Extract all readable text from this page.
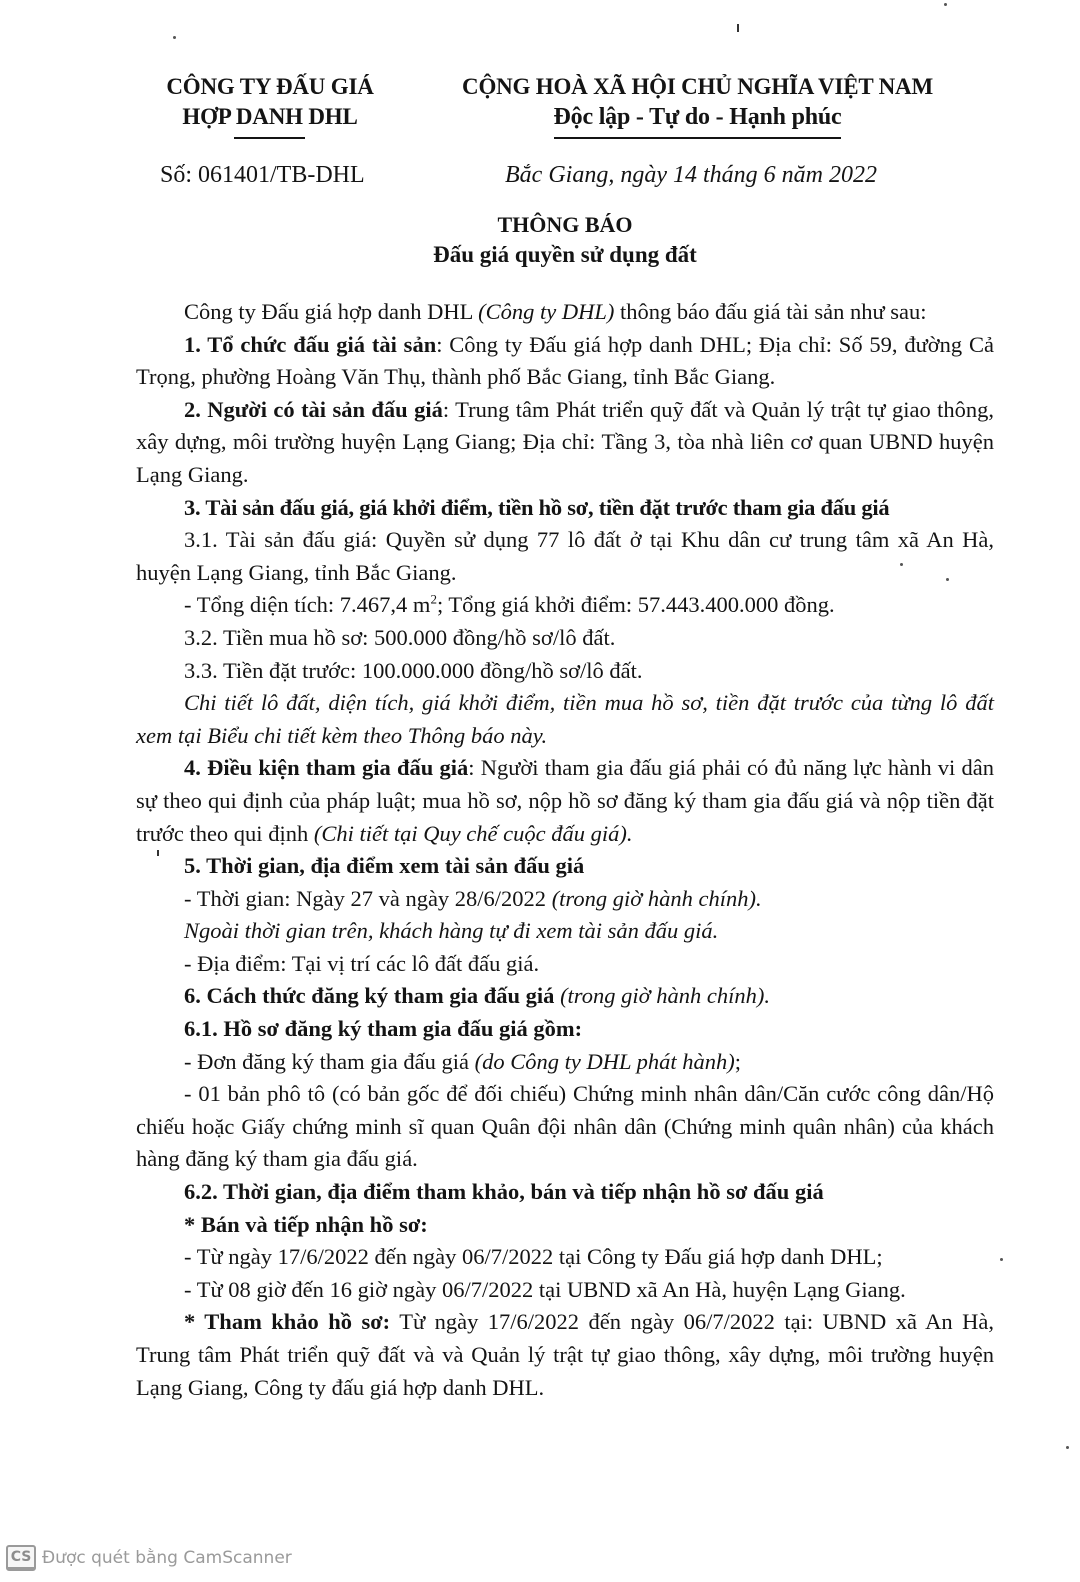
CÔNG TY ĐẤU GIÁ
HỢP DANH DHL
CỘNG HOÀ XÃ HỘI CHỦ NGHĨA VIỆT NAM
Độc lập - Tự do - Hạnh phúc
Số: 061401/TB-DHL	Bắc Giang, ngày 14 tháng 6 năm 2022
THÔNG BÁO
Đấu giá quyền sử dụng đất

Công ty Đấu giá hợp danh DHL (Công ty DHL) thông báo đấu giá tài sản như sau:

1. Tổ chức đấu giá tài sản: Công ty Đấu giá hợp danh DHL; Địa chỉ: Số 59, đường Cả Trọng, phường Hoàng Văn Thụ, thành phố Bắc Giang, tỉnh Bắc Giang.

2. Người có tài sản đấu giá: Trung tâm Phát triển quỹ đất và Quản lý trật tự giao thông, xây dựng, môi trường huyện Lạng Giang; Địa chỉ: Tầng 3, tòa nhà liên cơ quan UBND huyện Lạng Giang.

3. Tài sản đấu giá, giá khởi điểm, tiền hồ sơ, tiền đặt trước tham gia đấu giá

3.1. Tài sản đấu giá: Quyền sử dụng 77 lô đất ở tại Khu dân cư trung tâm xã An Hà, huyện Lạng Giang, tỉnh Bắc Giang.

- Tổng diện tích: 7.467,4 $m^2$; Tổng giá khởi điểm: 57.443.400.000 đồng.

3.2. Tiền mua hồ sơ: 500.000 đồng/hồ sơ/lô đất.

3.3. Tiền đặt trước: 100.000.000 đồng/hồ sơ/lô đất.

Chi tiết lô đất, diện tích, giá khởi điểm, tiền mua hồ sơ, tiền đặt trước của từng lô đất xem tại Biểu chi tiết kèm theo Thông báo này.

4. Điều kiện tham gia đấu giá: Người tham gia đấu giá phải có đủ năng lực hành vi dân sự theo qui định của pháp luật; mua hồ sơ, nộp hồ sơ đăng ký tham gia đấu giá và nộp tiền đặt trước theo qui định (Chi tiết tại Quy chế cuộc đấu giá).

5. Thời gian, địa điểm xem tài sản đấu giá

- Thời gian: Ngày 27 và ngày 28/6/2022 (trong giờ hành chính).

Ngoài thời gian trên, khách hàng tự đi xem tài sản đấu giá.

- Địa điểm: Tại vị trí các lô đất đấu giá.

6. Cách thức đăng ký tham gia đấu giá (trong giờ hành chính).

6.1. Hồ sơ đăng ký tham gia đấu giá gồm:

- Đơn đăng ký tham gia đấu giá (do Công ty DHL phát hành);

- 01 bản phô tô (có bản gốc để đối chiếu) Chứng minh nhân dân/Căn cước công dân/Hộ chiếu hoặc Giấy chứng minh sĩ quan Quân đội nhân dân (Chứng minh quân nhân) của khách hàng đăng ký tham gia đấu giá.

6.2. Thời gian, địa điểm tham khảo, bán và tiếp nhận hồ sơ đấu giá

* Bán và tiếp nhận hồ sơ:

- Từ ngày 17/6/2022 đến ngày 06/7/2022 tại Công ty Đấu giá hợp danh DHL;

- Từ 08 giờ đến 16 giờ ngày 06/7/2022 tại UBND xã An Hà, huyện Lạng Giang.

* Tham khảo hồ sơ: Từ ngày 17/6/2022 đến ngày 06/7/2022 tại: UBND xã An Hà, Trung tâm Phát triển quỹ đất và và Quản lý trật tự giao thông, xây dựng, môi trường huyện Lạng Giang, Công ty đấu giá hợp danh DHL.

CS Được quét bằng CamScanner
